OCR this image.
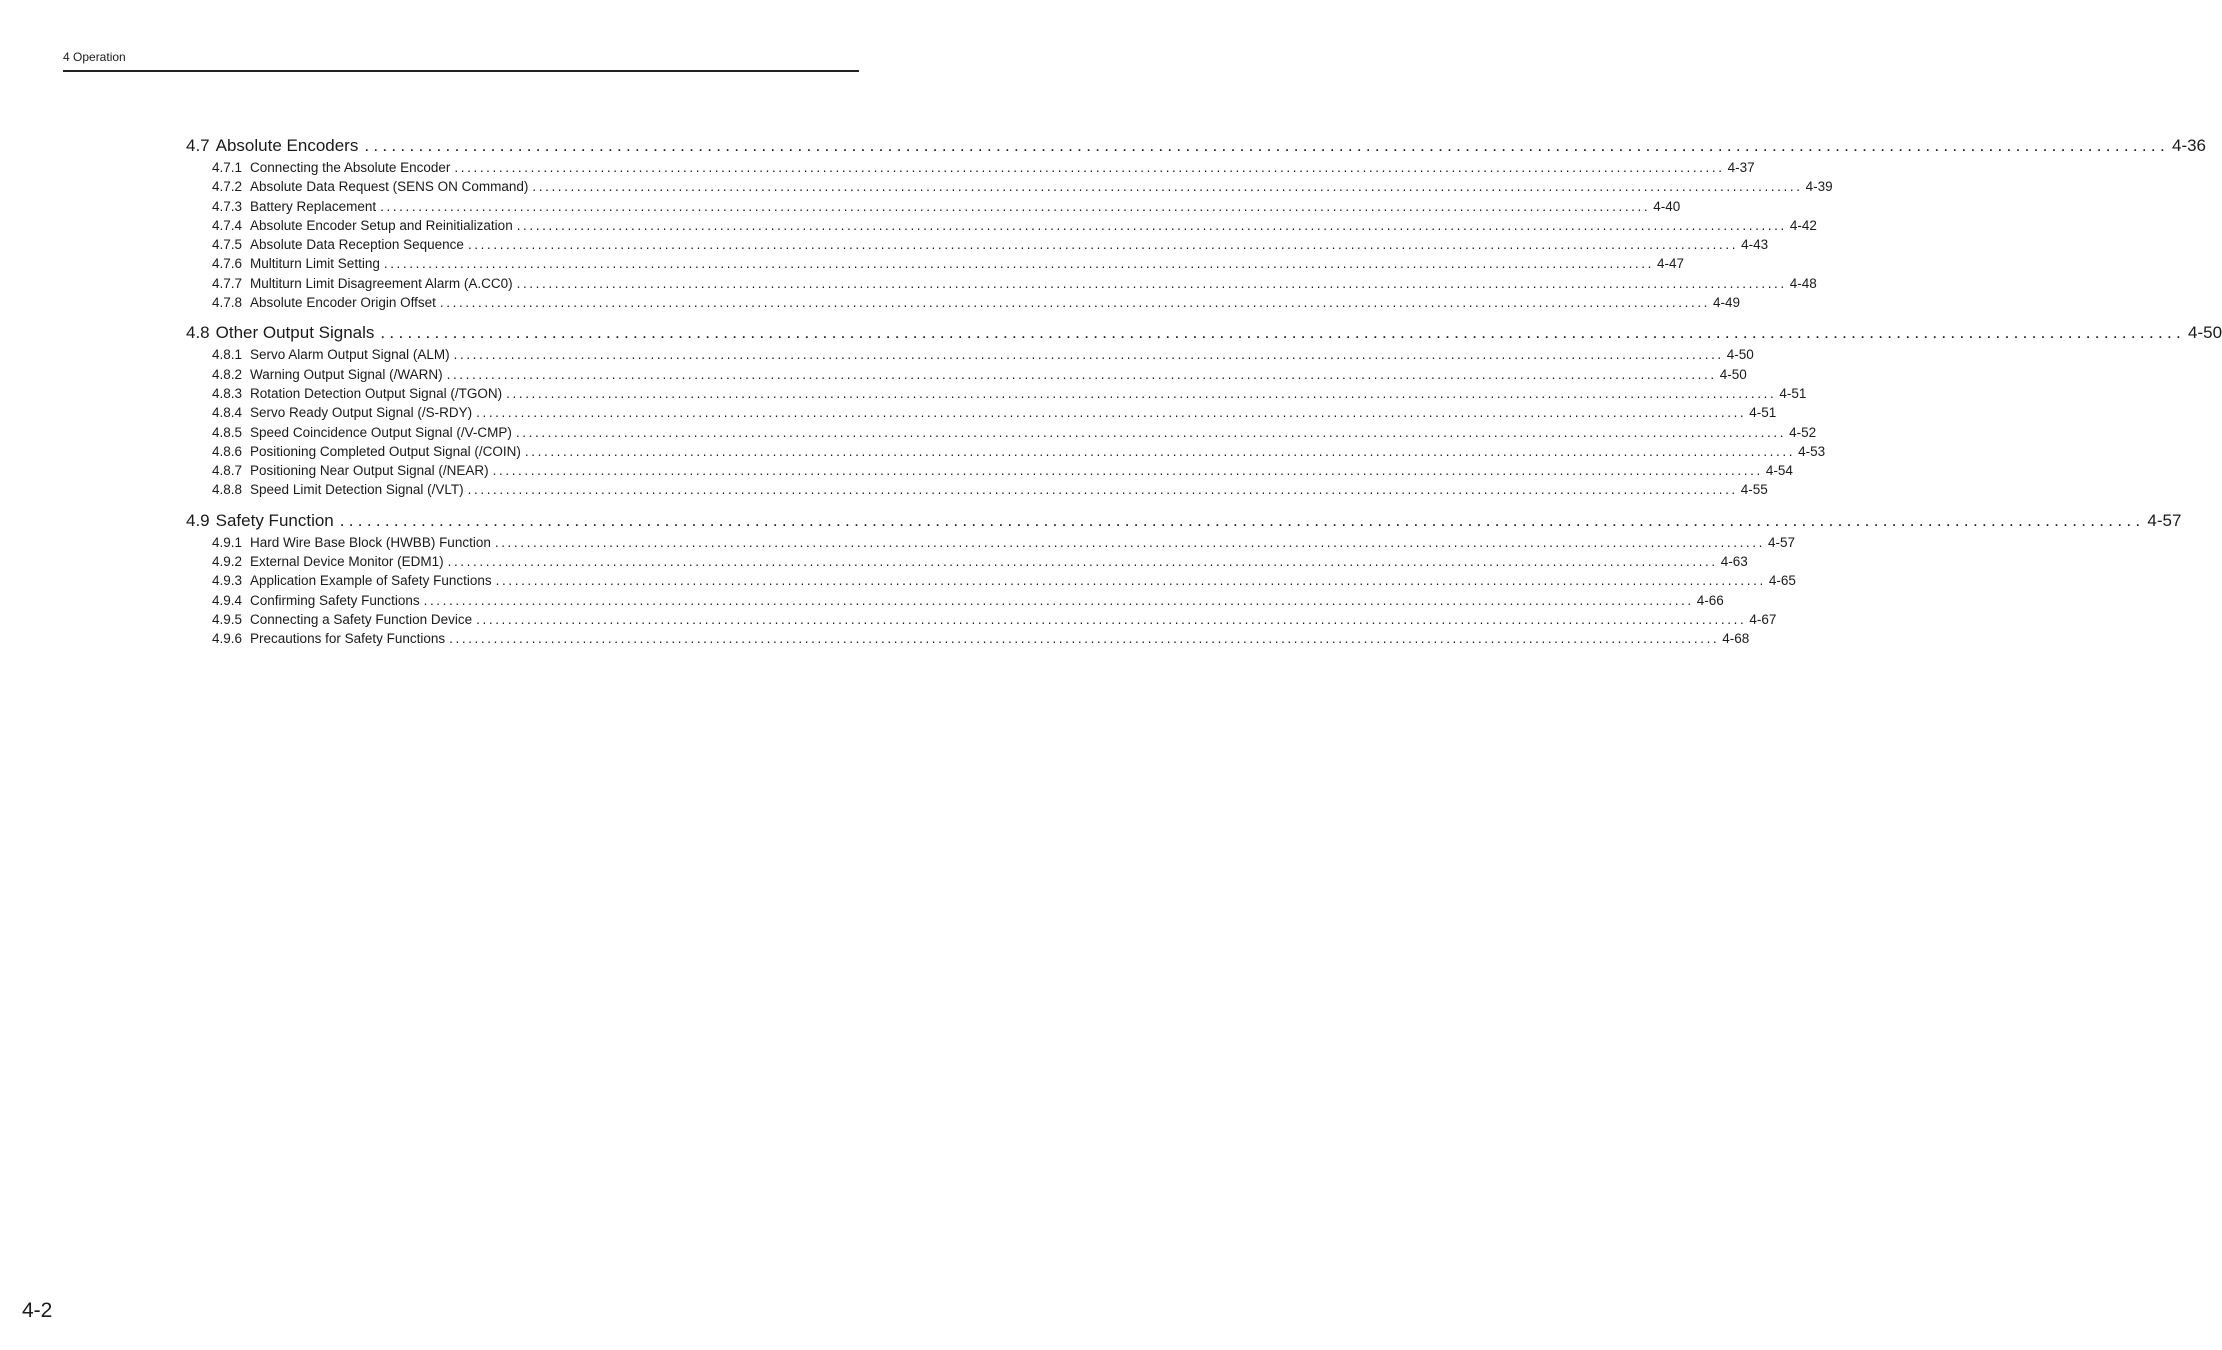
4 Operation
4.7 Absolute Encoders ........................................................................................................................................................................................................ 4-36
4.7.1 Connecting the Absolute Encoder ........................................................................................................................................................................................................ 4-37
4.7.2 Absolute Data Request (SENS ON Command) ........................................................................................................................................................................................................ 4-39
4.7.3 Battery Replacement ........................................................................................................................................................................................................ 4-40
4.7.4 Absolute Encoder Setup and Reinitialization ........................................................................................................................................................................................................ 4-42
4.7.5 Absolute Data Reception Sequence ........................................................................................................................................................................................................ 4-43
4.7.6 Multiturn Limit Setting ........................................................................................................................................................................................................ 4-47
4.7.7 Multiturn Limit Disagreement Alarm (A.CC0) ........................................................................................................................................................................................................ 4-48
4.7.8 Absolute Encoder Origin Offset ........................................................................................................................................................................................................ 4-49
4.8 Other Output Signals ........................................................................................................................................................................................................ 4-50
4.8.1 Servo Alarm Output Signal (ALM) ........................................................................................................................................................................................................ 4-50
4.8.2 Warning Output Signal (/WARN) ........................................................................................................................................................................................................ 4-50
4.8.3 Rotation Detection Output Signal (/TGON) ........................................................................................................................................................................................................ 4-51
4.8.4 Servo Ready Output Signal (/S-RDY) ........................................................................................................................................................................................................ 4-51
4.8.5 Speed Coincidence Output Signal (/V-CMP) ........................................................................................................................................................................................................ 4-52
4.8.6 Positioning Completed Output Signal (/COIN) ........................................................................................................................................................................................................ 4-53
4.8.7 Positioning Near Output Signal (/NEAR) ........................................................................................................................................................................................................ 4-54
4.8.8 Speed Limit Detection Signal (/VLT) ........................................................................................................................................................................................................ 4-55
4.9 Safety Function ........................................................................................................................................................................................................ 4-57
4.9.1 Hard Wire Base Block (HWBB) Function ........................................................................................................................................................................................................ 4-57
4.9.2 External Device Monitor (EDM1) ........................................................................................................................................................................................................ 4-63
4.9.3 Application Example of Safety Functions ........................................................................................................................................................................................................ 4-65
4.9.4 Confirming Safety Functions ........................................................................................................................................................................................................ 4-66
4.9.5 Connecting a Safety Function Device ........................................................................................................................................................................................................ 4-67
4.9.6 Precautions for Safety Functions ........................................................................................................................................................................................................ 4-68
4-2
